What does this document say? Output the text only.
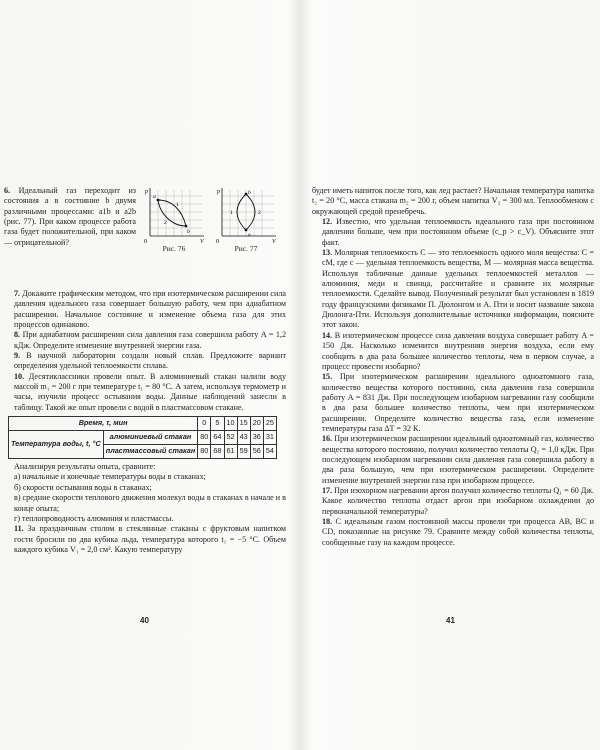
6. Идеальный газ переходит из состояния a в состояние b двумя различными процессами: a1b и a2b (рис. 77). При каком процессе работа газа будет положительной, при каком — отрицательной?

p
V
0
a
b
1
2
Рис. 76
p
V
0
b
a
1	2
Рис. 77

7. Докажите графическим методом, что при изотермическом расширении сила давления идеального газа совершает большую работу, чем при адиабатном расширении. Начальное состояние и изменение объема газа для этих процессов одинаково.

8. При адиабатном расширении сила давления газа совершила работу A = 1,2 кДж. Определите изменение внутренней энергии газа.

9. В научной лаборатории создали новый сплав. Предложите вариант определения удельной теплоемкости сплава.

10. Десятиклассники провели опыт. В алюминиевый стакан налили воду массой m₁ = 200 г при температуре t₁ = 80 °C. А затем, используя термометр и часы, изучили процесс остывания воды. Данные наблюдений занесли в таблицу. Такой же опыт провели с водой в пластмассовом стакане.

Время, τ, мин		0	5	10	15	20	25
Температура воды, t, °C	алюминиевый стакан	80	64	52	43	36	31
	пластмассовый стакан	80	68	61	59	56	54

Анализируя результаты опыта, сравните:

а) начальные и конечные температуры воды в стаканах;

б) скорости остывания воды в стаканах;

в) средние скорости теплового движения молекул воды в стаканах в начале и в конце опыта;

г) теплопроводность алюминия и пластмассы.

11. За праздничным столом в стеклянные стаканы с фруктовым напитком гости бросили по два кубика льда, температура которого t₁ = −5 °C. Объем каждого кубика V₁ = 2,0 см³. Какую температуру

40

будет иметь напиток после того, как лед растает? Начальная температура напитка t₂ = 20 °C, масса стакана m₂ = 200 г, объем напитка V₂ = 300 мл. Теплообменом с окружающей средой пренебречь.

12. Известно, что удельная теплоемкость идеального газа при постоянном давлении больше, чем при постоянном объеме (c_p > c_V). Объясните этот факт.

13. Молярная теплоемкость C — это теплоемкость одного моля вещества: C = cM, где c — удельная теплоемкость вещества, M — молярная масса вещества. Используя табличные данные удельных теплоемкостей металлов — алюминия, меди и свинца, рассчитайте и сравните их молярные теплоемкости. Сделайте вывод. Полученный результат был установлен в 1819 году французскими физиками П. Дюлонгом и А. Пти и носит название закона Дюлонга-Пти. Используя дополнительные источники информации, поясните этот закон.

14. В изотермическом процессе сила давления воздуха совершает работу A = 150 Дж. Насколько изменится внутренняя энергия воздуха, если ему сообщить в два раза большее количество теплоты, чем в первом случае, а процесс провести изобарно?

15. При изотермическом расширении идеального одноатомного газа, количество вещества которого постоянно, сила давления газа совершила работу A = 831 Дж. При последующем изобарном нагревании газу сообщили в два раза большее количество теплоты, чем при изотермическом расширении. Определите количество вещества газа, если изменение температуры газа ΔT = 32 К.

16. При изотермическом расширении идеальный одноатомный газ, количество вещества которого постоянно, получил количество теплоты Q₁ = 1,0 кДж. При последующем изобарном нагревании сила давления газа совершила работу в два раза большую, чем при изотермическом расширении. Определите изменение внутренней энергии газа при изобарном процессе.

17. При изохорном нагревании аргон получил количество теплоты Q₁ = 60 Дж. Какое количество теплоты отдаст аргон при изобарном охлаждении до первоначальной температуры?

18. С идеальным газом постоянной массы провели три процесса AB, BC и CD, показанные на рисунке 79. Сравните между собой количества теплоты, сообщенные газу на каждом процессе.

41
